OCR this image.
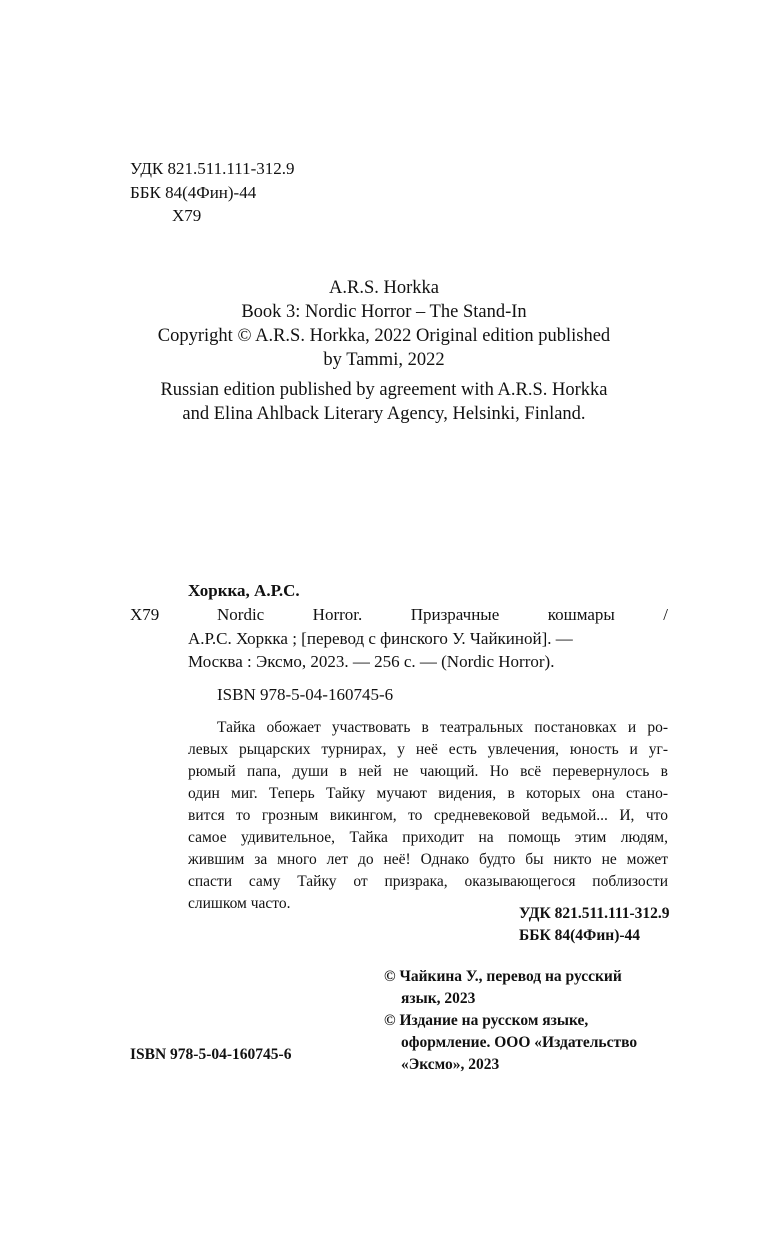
УДК 821.511.111-312.9
ББК 84(4Фин)-44
Х79
A.R.S. Horkka
Book 3: Nordic Horror – The Stand-In
Copyright © A.R.S. Horkka, 2022 Original edition published
by Tammi, 2022
Russian edition published by agreement with A.R.S. Horkka
and Elina Ahlback Literary Agency, Helsinki, Finland.
Хоркка, А.Р.С.
Х79	Nordic Horror. Призрачные кошмары /
А.Р.С. Хоркка ; [перевод с финского У. Чайкиной]. —
Москва : Эксмо, 2023. — 256 с. — (Nordic Horror).
ISBN 978-5-04-160745-6
Тайка обожает участвовать в театральных постановках и ро-
левых рыцарских турнирах, у неё есть увлечения, юность и уг-
рюмый папа, души в ней не чающий. Но всё перевернулось в
один миг. Теперь Тайку мучают видения, в которых она стано-
вится то грозным викингом, то средневековой ведьмой... И, что
самое удивительное, Тайка приходит на помощь этим людям,
жившим за много лет до неё! Однако будто бы никто не может
спасти саму Тайку от призрака, оказывающегося поблизости
слишком часто.
УДК 821.511.111-312.9
ББК 84(4Фин)-44
© Чайкина У., перевод на русский
язык, 2023
© Издание на русском языке,
оформление. ООО «Издательство
«Эксмо», 2023
ISBN 978-5-04-160745-6
